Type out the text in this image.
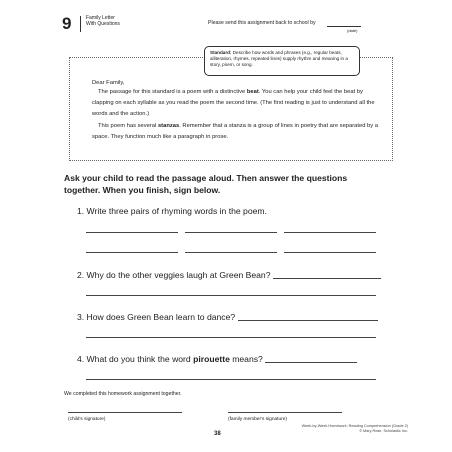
9	Family Letter
With Questions	Please send this assignment back to school by
(date)
Standard: Describe how words and phrases (e.g., regular beats, alliteration, rhymes, repeated lines) supply rhythm and meaning in a story, poem, or song.
Dear Family,
The passage for this standard is a poem with a distinctive beat. You can help your child feel the beat by clapping on each syllable as you read the poem the second time. (The first reading is just to understand all the words and the action.)
This poem has several stanzas. Remember that a stanza is a group of lines in poetry that are separated by a space. They function much like a paragraph in prose.
Ask your child to read the passage aloud. Then answer the questions together. When you finish, sign below.
1. Write three pairs of rhyming words in the poem.
2. Why do the other veggies laugh at Green Bean?
3. How does Green Bean learn to dance?
4. What do you think the word pirouette means?
We completed this homework assignment together.
(child's signature)	(family member's signature)
38
Week-by-Week Homework: Reading Comprehension (Grade 2)
© Mary Rose, Scholastic Inc.
